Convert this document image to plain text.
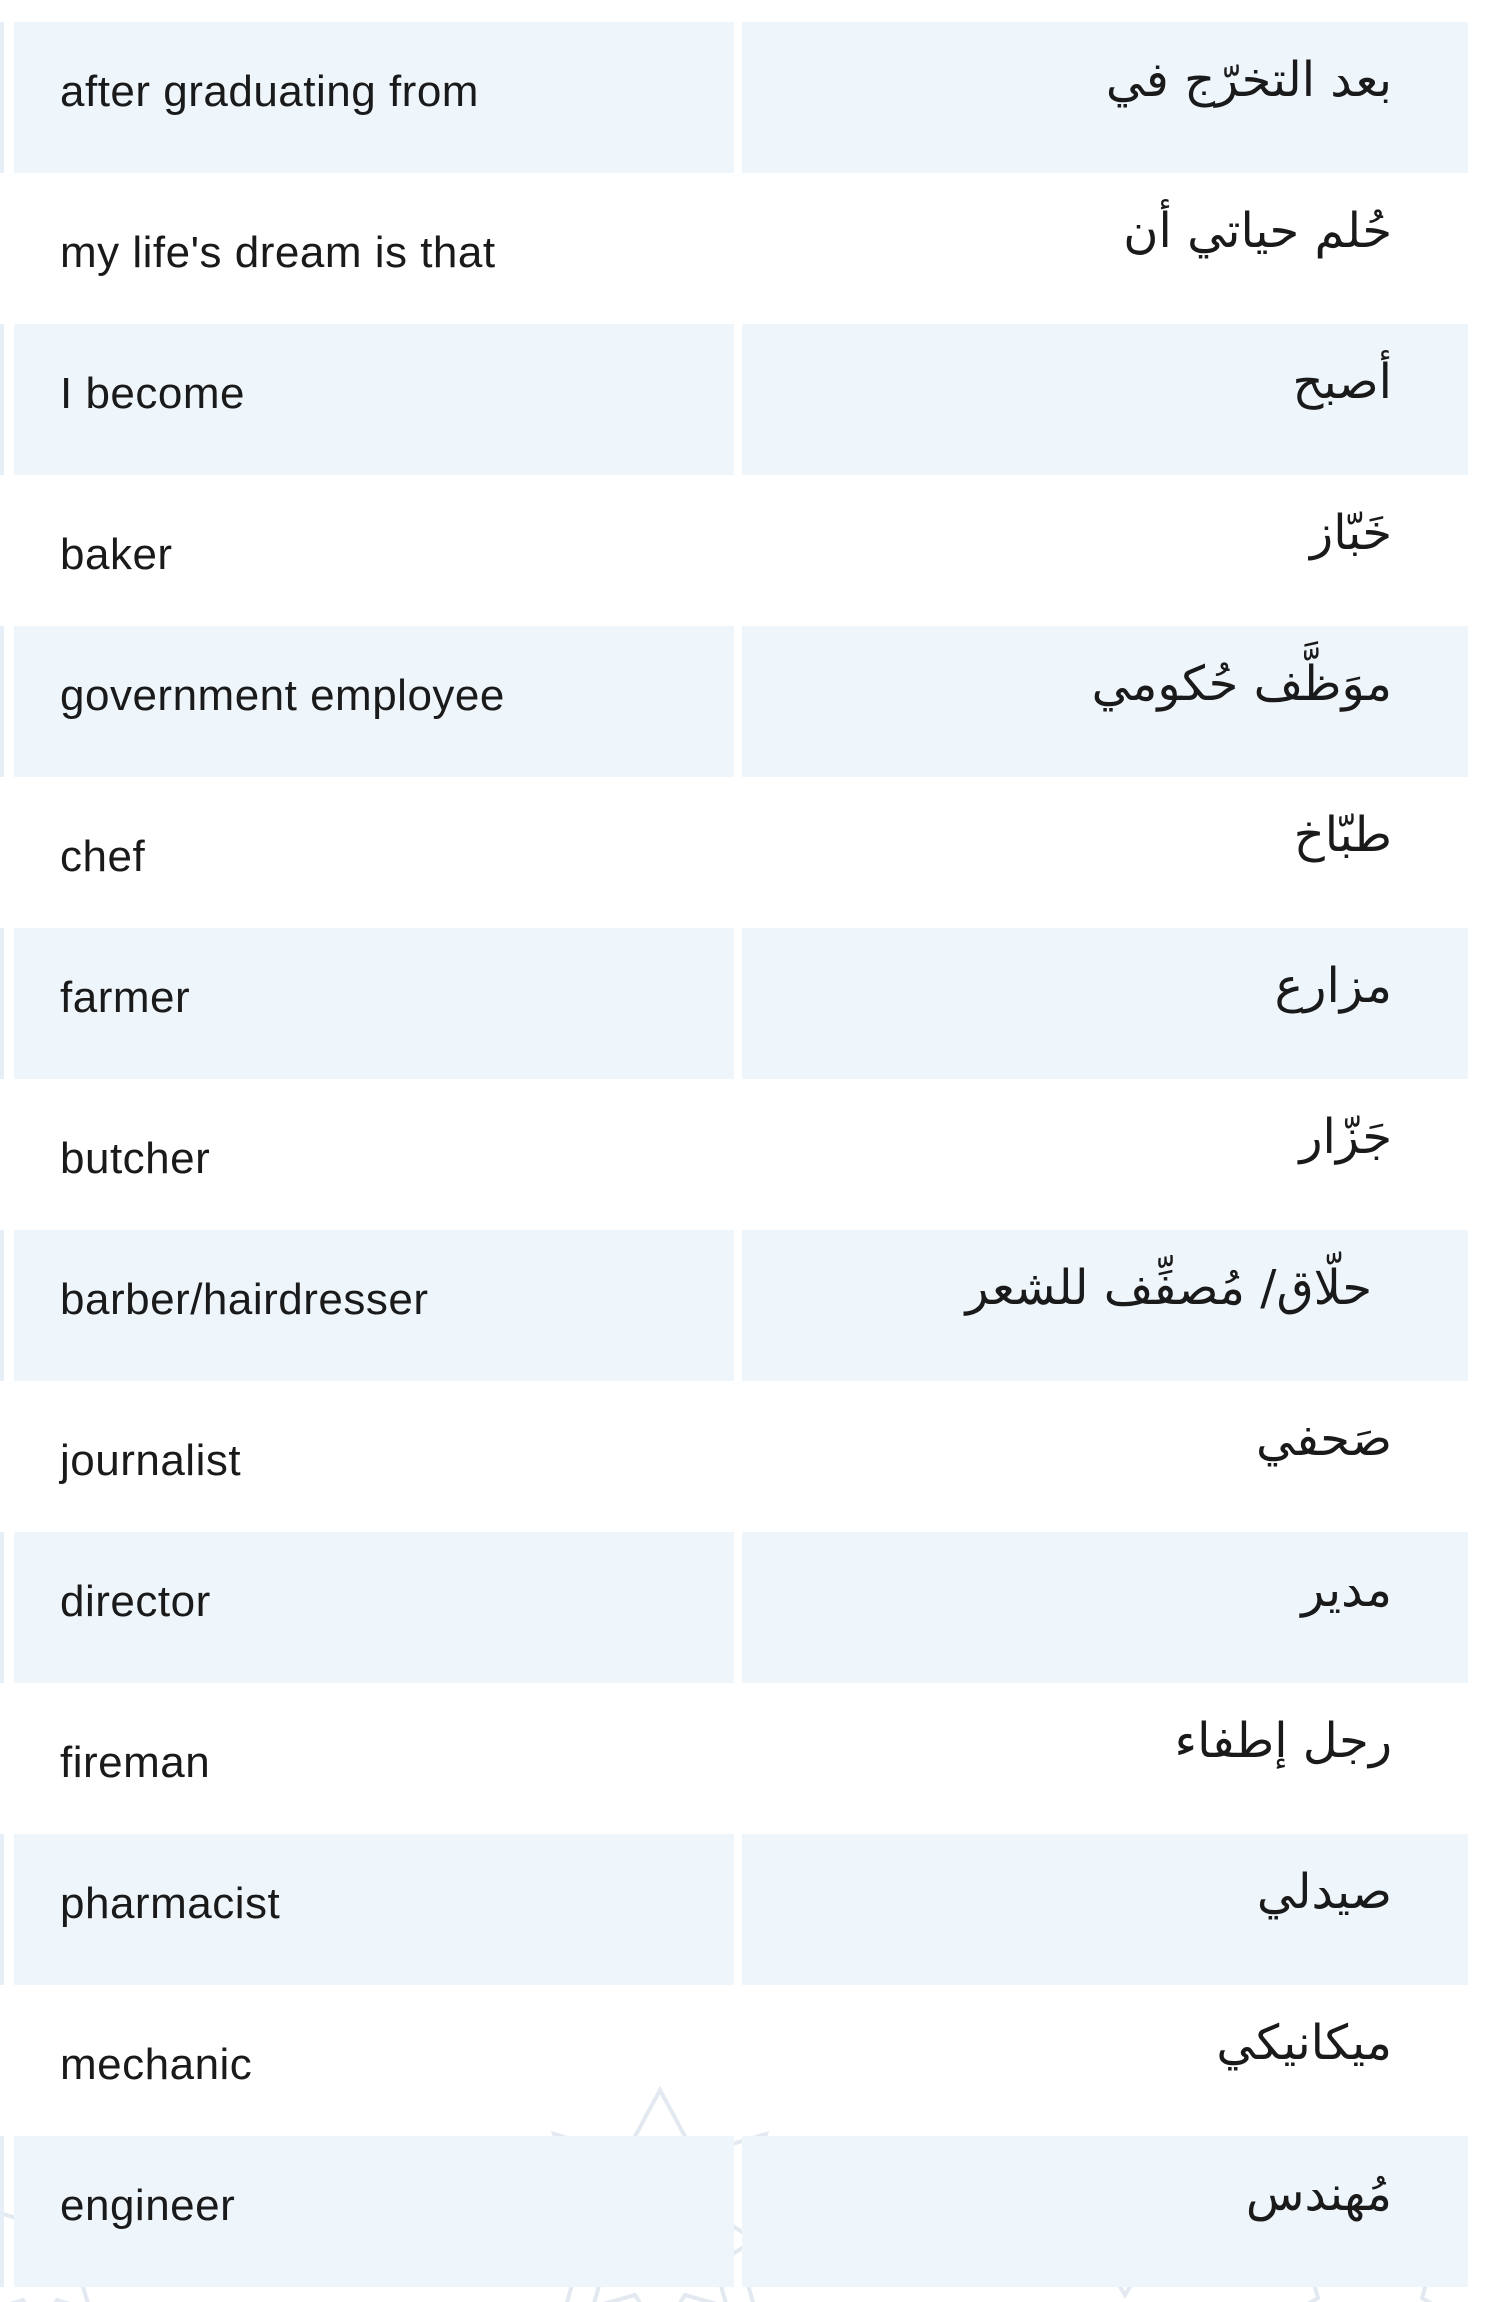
after graduating from	بعد التخرّج في
my life's dream is that	حُلم حياتي أن
I become	أصبح
baker	خَبّاز
government employee	موَظَّف حُكومي
chef	طبّاخ
farmer	مزارع
butcher	جَزّار
barber/hairdresser	حلّاق/ مُصفِّف للشعر
journalist	صَحفي
director	مدير
fireman	رجل إطفاء
pharmacist	صيدلي
mechanic	ميكانيكي
engineer	مُهندس
